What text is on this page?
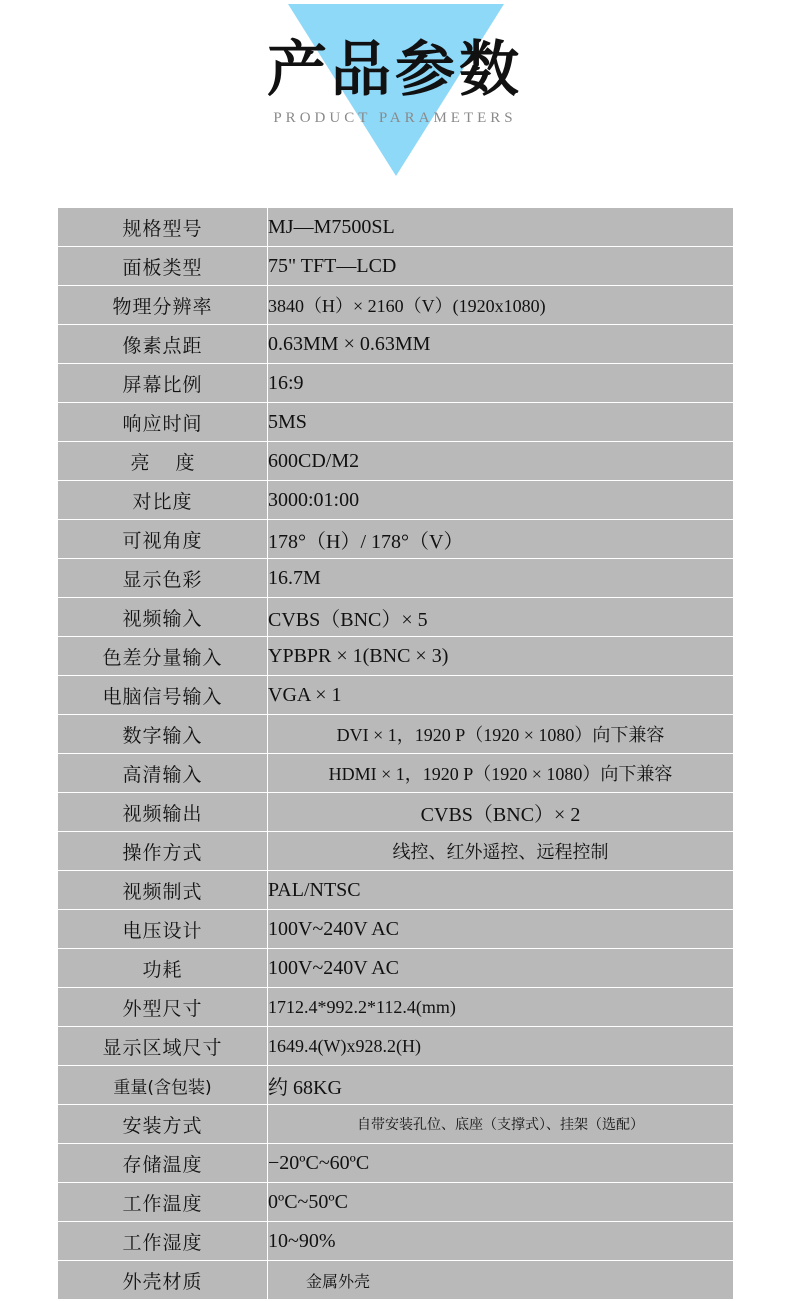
产品参数
PRODUCT PARAMETERS
规格型号	MJ—M7500SL
面板类型	75" TFT—LCD
物理分辨率	3840（H）× 2160（V）(1920x1080)
像素点距	0.63MM × 0.63MM
屏幕比例	16:9
响应时间	5MS
亮 度	600CD/M2
对比度	3000:01:00
可视角度	178°（H）/ 178°（V）
显示色彩	16.7M
视频输入	CVBS（BNC）× 5
色差分量输入	YPBPR × 1(BNC × 3)
电脑信号输入	VGA × 1
数字输入	DVI × 1，1920 P（1920 × 1080）向下兼容
高清输入	HDMI × 1，1920 P（1920 × 1080）向下兼容
视频输出	CVBS（BNC）× 2
操作方式	线控、红外遥控、远程控制
视频制式	PAL/NTSC
电压设计	100V~240V AC
功耗	100V~240V AC
外型尺寸	1712.4*992.2*112.4(mm)
显示区域尺寸	1649.4(W)x928.2(H)
重量(含包装)	约 68KG
安装方式	自带安装孔位、底座（支撑式）、挂架（选配）
存储温度	−20ºC~60ºC
工作温度	0ºC~50ºC
工作湿度	10~90%
外壳材质	金属外壳
